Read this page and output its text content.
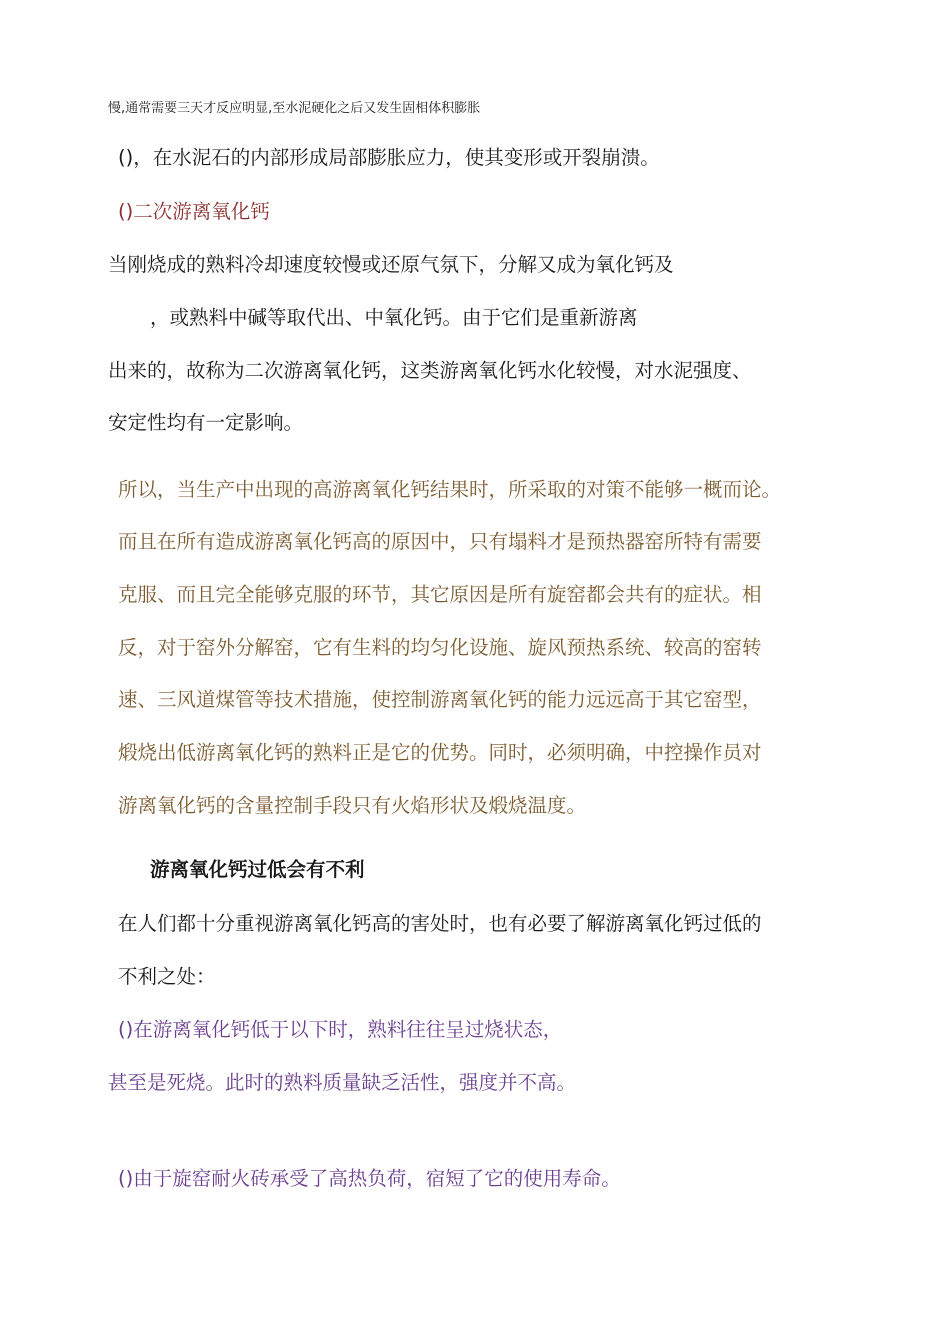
慢,通常需要三天才反应明显,至水泥硬化之后又发生固相体积膨胀

()，在水泥石的内部形成局部膨胀应力，使其变形或开裂崩溃。

()二次游离氧化钙

当刚烧成的熟料冷却速度较慢或还原气氛下，分解又成为氧化钙及

，或熟料中碱等取代出、中氧化钙。由于它们是重新游离

出来的，故称为二次游离氧化钙，这类游离氧化钙水化较慢，对水泥强度、

安定性均有一定影响。

所以，当生产中出现的高游离氧化钙结果时，所采取的对策不能够一概而论。

而且在所有造成游离氧化钙高的原因中，只有塌料才是预热器窑所特有需要

克服、而且完全能够克服的环节，其它原因是所有旋窑都会共有的症状。相

反，对于窑外分解窑，它有生料的均匀化设施、旋风预热系统、较高的窑转

速、三风道煤管等技术措施，使控制游离氧化钙的能力远远高于其它窑型，

煅烧出低游离氧化钙的熟料正是它的优势。同时，必须明确，中控操作员对

游离氧化钙的含量控制手段只有火焰形状及煅烧温度。

游离氧化钙过低会有不利

在人们都十分重视游离氧化钙高的害处时，也有必要了解游离氧化钙过低的

不利之处：

()在游离氧化钙低于以下时，熟料往往呈过烧状态，

甚至是死烧。此时的熟料质量缺乏活性，强度并不高。

()由于旋窑耐火砖承受了高热负荷，宿短了它的使用寿命。
